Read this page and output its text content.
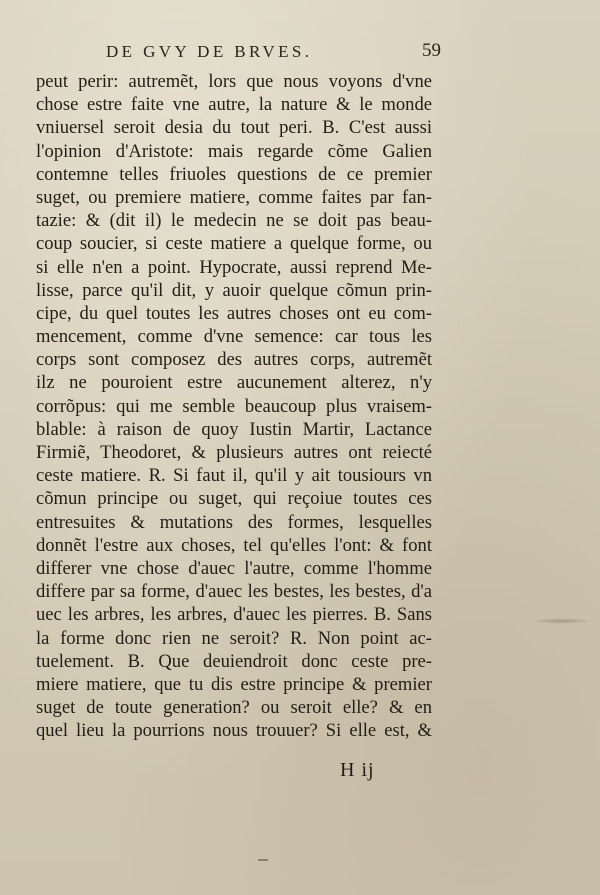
DE GVY DE BRVES.	59
peut perir: autremẽt, lors que nous voyons d'vne
chose estre faite vne autre, la nature & le monde
vniuersel seroit desia du tout peri. B. C'est aussi
l'opinion d'Aristote: mais regarde cõme Galien
contemne telles friuoles questions de ce premier
suget, ou premiere matiere, comme faites par fan-
tazie: & (dit il) le medecin ne se doit pas beau-
coup soucier, si ceste matiere a quelque forme, ou
si elle n'en a point. Hypocrate, aussi reprend Me-
lisse, parce qu'il dit, y auoir quelque cõmun prin-
cipe, du quel toutes les autres choses ont eu com-
mencement, comme d'vne semence: car tous les
corps sont composez des autres corps, autremẽt
ilz ne pouroient estre aucunement alterez, n'y
corrõpus: qui me semble beaucoup plus vraisem-
blable: à raison de quoy Iustin Martir, Lactance
Firmiẽ, Theodoret, & plusieurs autres ont reiecté
ceste matiere. R. Si faut il, qu'il y ait tousiours vn
cõmun principe ou suget, qui reçoiue toutes ces
entresuites & mutations des formes, lesquelles
donnẽt l'estre aux choses, tel qu'elles l'ont: & font
differer vne chose d'auec l'autre, comme l'homme
differe par sa forme, d'auec les bestes, les bestes, d'a
uec les arbres, les arbres, d'auec les pierres. B. Sans
la forme donc rien ne seroit? R. Non point ac-
tuelement. B. Que deuiendroit donc ceste pre-
miere matiere, que tu dis estre principe & premier
suget de toute generation? ou seroit elle? & en
quel lieu la pourrions nous trouuer? Si elle est, &
H ij
